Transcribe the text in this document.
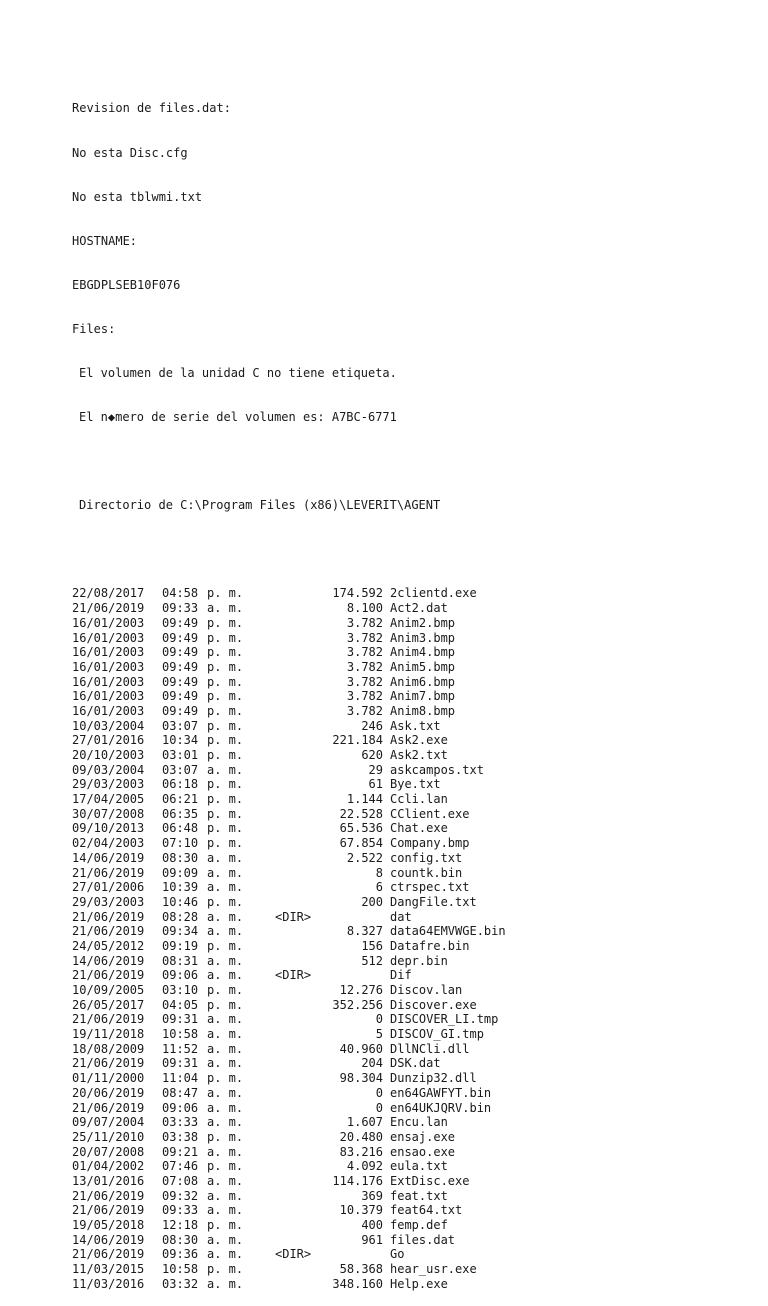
Revision de files.dat:

No esta Disc.cfg

No esta tblwmi.txt

HOSTNAME:

EBGDPLSEB10F076

Files:

El volumen de la unidad C no tiene etiqueta.

El n◆mero de serie del volumen es: A7BC-6771

Directorio de C:\Program Files (x86)\LEVERIT\AGENT

22/08/2017 04:58 p. m.	174.592 2clientd.exe
21/06/2019 09:33 a. m.	8.100 Act2.dat
16/01/2003 09:49 p. m.	3.782 Anim2.bmp
16/01/2003 09:49 p. m.	3.782 Anim3.bmp
16/01/2003 09:49 p. m.	3.782 Anim4.bmp
16/01/2003 09:49 p. m.	3.782 Anim5.bmp
16/01/2003 09:49 p. m.	3.782 Anim6.bmp
16/01/2003 09:49 p. m.	3.782 Anim7.bmp
16/01/2003 09:49 p. m.	3.782 Anim8.bmp
10/03/2004 03:07 p. m.	246 Ask.txt
27/01/2016 10:34 p. m.	221.184 Ask2.exe
20/10/2003 03:01 p. m.	620 Ask2.txt
09/03/2004 03:07 a. m.	29 askcampos.txt
29/03/2003 06:18 p. m.	61 Bye.txt
17/04/2005 06:21 p. m.	1.144 Ccli.lan
30/07/2008 06:35 p. m.	22.528 CClient.exe
09/10/2013 06:48 p. m.	65.536 Chat.exe
02/04/2003 07:10 p. m.	67.854 Company.bmp
14/06/2019 08:30 a. m.	2.522 config.txt
21/06/2019 09:09 a. m.	8 countk.bin
27/01/2006 10:39 a. m.	6 ctrspec.txt
29/03/2003 10:46 p. m.	200 DangFile.txt
21/06/2019 08:28 a. m.	<DIR>	dat
21/06/2019 09:34 a. m.	8.327 data64EMVWGE.bin
24/05/2012 09:19 p. m.	156 Datafre.bin
14/06/2019 08:31 a. m.	512 depr.bin
21/06/2019 09:06 a. m.	<DIR>	Dif
10/09/2005 03:10 p. m.	12.276 Discov.lan
26/05/2017 04:05 p. m.	352.256 Discover.exe
21/06/2019 09:31 a. m.	0 DISCOVER_LI.tmp
19/11/2018 10:58 a. m.	5 DISCOV_GI.tmp
18/08/2009 11:52 a. m.	40.960 DllNCli.dll
21/06/2019 09:31 a. m.	204 DSK.dat
01/11/2000 11:04 p. m.	98.304 Dunzip32.dll
20/06/2019 08:47 a. m.	0 en64GAWFYT.bin
21/06/2019 09:06 a. m.	0 en64UKJQRV.bin
09/07/2004 03:33 a. m.	1.607 Encu.lan
25/11/2010 03:38 p. m.	20.480 ensaj.exe
20/07/2008 09:21 a. m.	83.216 ensao.exe
01/04/2002 07:46 p. m.	4.092 eula.txt
13/01/2016 07:08 a. m.	114.176 ExtDisc.exe
21/06/2019 09:32 a. m.	369 feat.txt
21/06/2019 09:33 a. m.	10.379 feat64.txt
19/05/2018 12:18 p. m.	400 femp.def
14/06/2019 08:30 a. m.	961 files.dat
21/06/2019 09:36 a. m.	<DIR>	Go
11/03/2015 10:58 p. m.	58.368 hear_usr.exe
11/03/2016 03:32 a. m.	348.160 Help.exe
